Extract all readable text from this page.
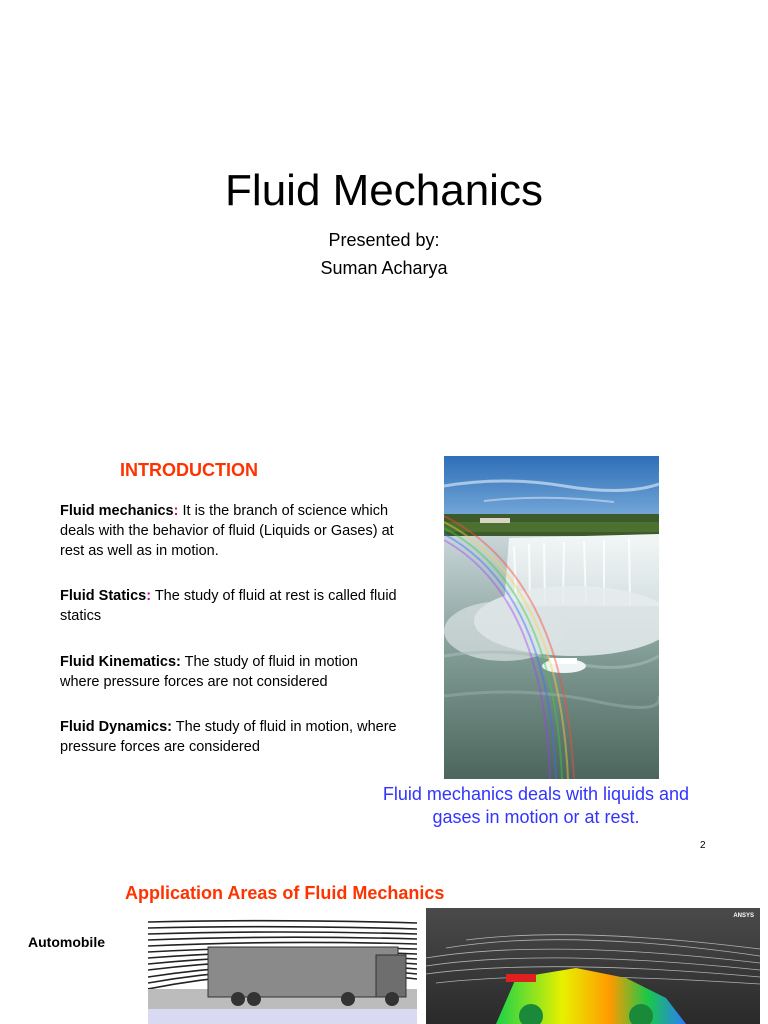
Fluid Mechanics
Presented by:
Suman Acharya
INTRODUCTION
Fluid mechanics: It is the branch of science which deals with the behavior of fluid (Liquids or Gases) at rest as well as in motion.
Fluid Statics: The study of fluid at rest is called fluid statics
Fluid Kinematics: The study of fluid in motion where pressure forces are not considered
Fluid Dynamics: The study of fluid in motion, where pressure forces are considered
Fluid mechanics deals with liquids and gases in motion or at rest.
2
Application Areas of Fluid Mechanics
Automobile
ANSYS
